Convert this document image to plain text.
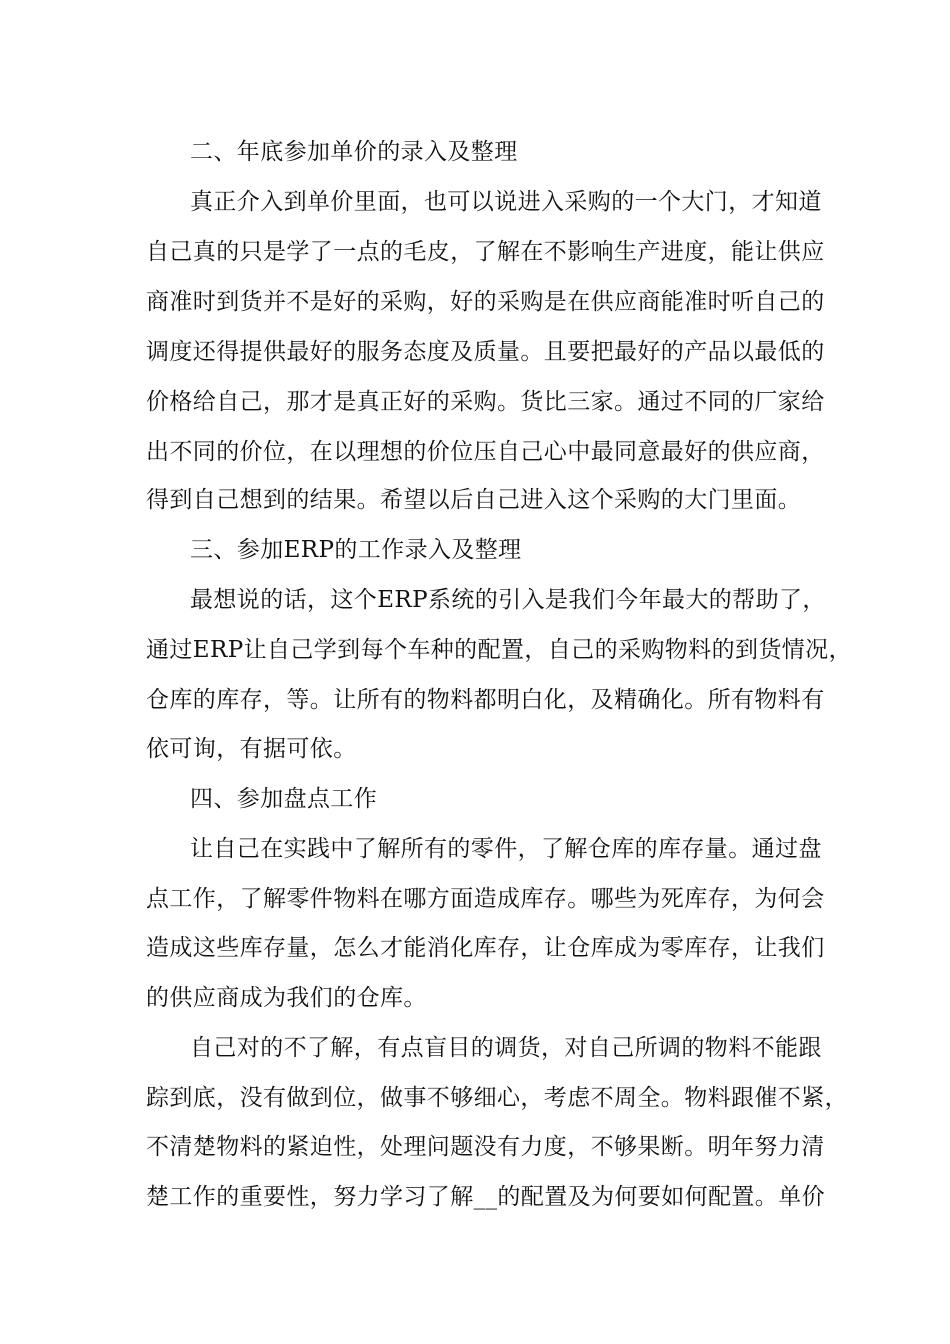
二、年底参加单价的录入及整理
真正介入到单价里面，也可以说进入采购的一个大门，才知道
自己真的只是学了一点的毛皮，了解在不影响生产进度，能让供应
商准时到货并不是好的采购，好的采购是在供应商能准时听自己的
调度还得提供最好的服务态度及质量。且要把最好的产品以最低的
价格给自己，那才是真正好的采购。货比三家。通过不同的厂家给
出不同的价位，在以理想的价位压自己心中最同意最好的供应商，
得到自己想到的结果。希望以后自己进入这个采购的大门里面。
三、参加ERP的工作录入及整理
最想说的话，这个ERP系统的引入是我们今年最大的帮助了，
通过ERP让自己学到每个车种的配置，自己的采购物料的到货情况，
仓库的库存，等。让所有的物料都明白化，及精确化。所有物料有
依可询，有据可依。
四、参加盘点工作
让自己在实践中了解所有的零件，了解仓库的库存量。通过盘
点工作，了解零件物料在哪方面造成库存。哪些为死库存，为何会
造成这些库存量，怎么才能消化库存，让仓库成为零库存，让我们
的供应商成为我们的仓库。
自己对的不了解，有点盲目的调货，对自己所调的物料不能跟
踪到底，没有做到位，做事不够细心，考虑不周全。物料跟催不紧，
不清楚物料的紧迫性，处理问题没有力度，不够果断。明年努力清
楚工作的重要性，努力学习了解__的配置及为何要如何配置。单价
